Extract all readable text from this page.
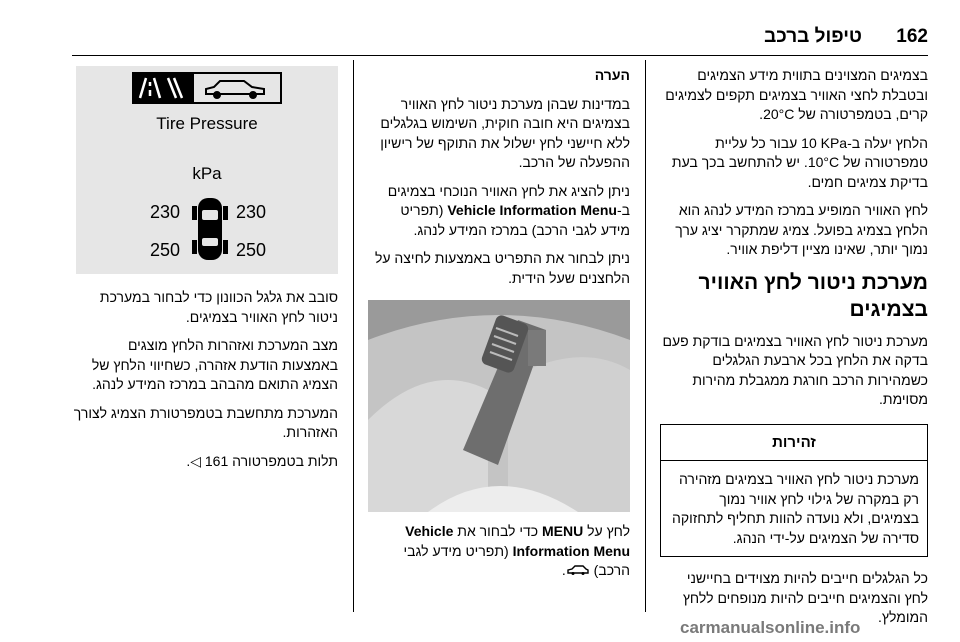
טיפול ברכב	162

בצמיגים המצוינים בתווית מידע הצמיגים ובטבלת לחצי האוויר בצמיגים תקפים לצמיגים קרים, בטמפרטורה של ‎20°C‎.

הלחץ יעלה ב-‎10 KPa‎ עבור כל עליית טמפרטורה של ‎10°C‎. יש להתחשב בכך בעת בדיקת צמיגים חמים.

לחץ האוויר המופיע במרכז המידע לנהג הוא הלחץ בצמיג בפועל. צמיג שמתקרר יציג ערך נמוך יותר, שאינו מציין דליפת אוויר.

מערכת ניטור לחץ האוויר בצמיגים

מערכת ניטור לחץ האוויר בצמיגים בודקת פעם בדקה את הלחץ בכל ארבעת הגלגלים כשמהירות הרכב חורגת ממגבלת מהירות מסוימת.

זהירות
מערכת ניטור לחץ האוויר בצמיגים מזהירה רק במקרה של גילוי לחץ אוויר נמוך בצמיגים, ולא נועדה להוות תחליף לתחזוקה סדירה של הצמיגים על-ידי הנהג.

כל הגלגלים חייבים להיות מצוידים בחיישני לחץ והצמיגים חייבים להיות מנופחים ללחץ המומלץ.

הערה

במדינות שבהן מערכת ניטור לחץ האוויר בצמיגים היא חובה חוקית, השימוש בגלגלים ללא חיישני לחץ ישלול את התוקף של רישיון ההפעלה של הרכב.

ניתן להציג את לחץ האוויר הנוכחי בצמיגים ב-Vehicle Information Menu (תפריט מידע לגבי הרכב) במרכז המידע לנהג.

ניתן לבחור את התפריט באמצעות לחיצה על הלחצנים שעל הידית.

לחץ על MENU כדי לבחור את Vehicle Information Menu (תפריט מידע לגבי הרכב) .

Tire Pressure
kPa
230	230
250	250

סובב את גלגל הכוונון כדי לבחור במערכת ניטור לחץ האוויר בצמיגים.

מצב המערכת ואזהרות הלחץ מוצגים באמצעות הודעת אזהרה, כשחיווי הלחץ של הצמיג התואם מהבהב במרכז המידע לנהג.

המערכת מתחשבת בטמפרטורת הצמיג לצורך האזהרות.

תלות בטמפרטורה ‎161‎ ◁.

carmanualsonline.info
